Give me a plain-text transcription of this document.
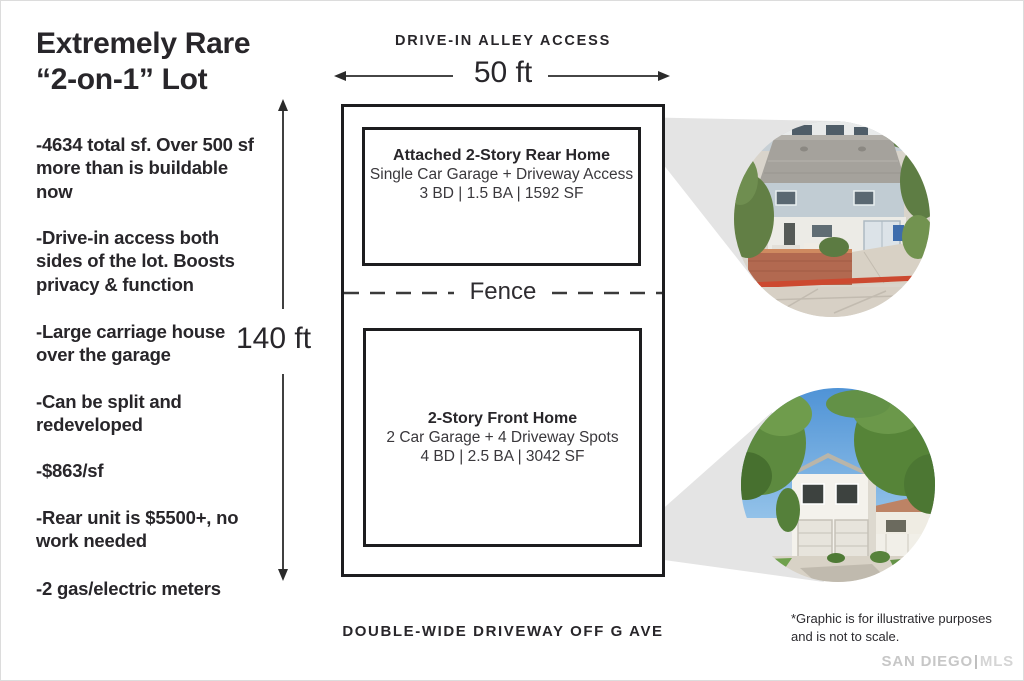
Extremely Rare
“2-on-1” Lot
-4634 total sf. Over 500 sf more than is buildable now
-Drive-in access both sides of the lot. Boosts privacy & function
-Large carriage house over the garage
-Can be split and redeveloped
-$863/sf
-Rear unit is $5500+, no work needed
-2 gas/electric meters
140 ft
DRIVE-IN ALLEY ACCESS
50 ft
Attached 2-Story Rear Home
Single Car Garage + Driveway Access
3 BD | 1.5 BA | 1592 SF
Fence
2-Story Front Home
2 Car Garage + 4 Driveway Spots
4 BD | 2.5 BA | 3042 SF
DOUBLE-WIDE DRIVEWAY OFF G AVE
*Graphic is for illustrative purposes
and is not to scale.
SAN DIEGO|MLS
